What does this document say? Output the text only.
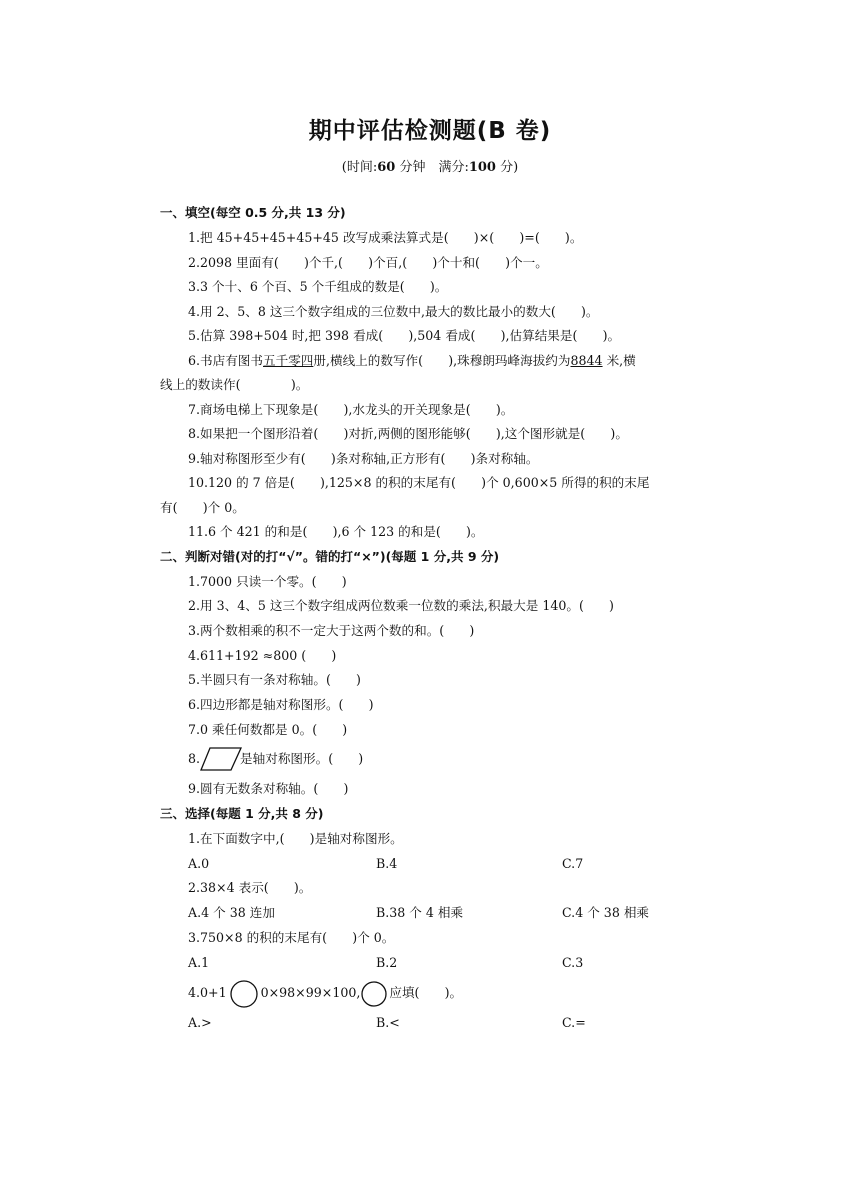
期中评估检测题(B 卷)
(时间:60 分钟　满分:100 分)
一、填空(每空 0.5 分,共 13 分)
1.把 45+45+45+45+45 改写成乘法算式是(　　)×(　　)=(　　)。
2.2098 里面有(　　)个千,(　　)个百,(　　)个十和(　　)个一。
3.3 个十、6 个百、5 个千组成的数是(　　)。
4.用 2、5、8 这三个数字组成的三位数中,最大的数比最小的数大(　　)。
5.估算 398+504 时,把 398 看成(　　),504 看成(　　),估算结果是(　　)。
6.书店有图书五千零四册,横线上的数写作(　　),珠穆朗玛峰海拔约为8844 米,横
线上的数读作(　　　　)。
7.商场电梯上下现象是(　　),水龙头的开关现象是(　　)。
8.如果把一个图形沿着(　　)对折,两侧的图形能够(　　),这个图形就是(　　)。
9.轴对称图形至少有(　　)条对称轴,正方形有(　　)条对称轴。
10.120 的 7 倍是(　　),125×8 的积的末尾有(　　)个 0,600×5 所得的积的末尾
有(　　)个 0。
11.6 个 421 的和是(　　),6 个 123 的和是(　　)。
二、判断对错(对的打“√”。错的打“×”)(每题 1 分,共 9 分)
1.7000 只读一个零。(　　)
2.用 3、4、5 这三个数字组成两位数乘一位数的乘法,积最大是 140。(　　)
3.两个数相乘的积不一定大于这两个数的和。(　　)
4.611+192 ≈800 (　　)
5.半圆只有一条对称轴。(　　)
6.四边形都是轴对称图形。(　　)
7.0 乘任何数都是 0。(　　)
8.	是轴对称图形。(　　)
9.圆有无数条对称轴。(　　)
三、选择(每题 1 分,共 8 分)
1.在下面数字中,(　　)是轴对称图形。
A.0	B.4	C.7
2.38×4 表示(　　)。
A.4 个 38 连加	B.38 个 4 相乘	C.4 个 38 相乘
3.750×8 的积的末尾有(　　)个 0。
A.1	B.2	C.3
4.0+1	0×98×99×100, 应填(　　)。
A.>	B.<	C.=
